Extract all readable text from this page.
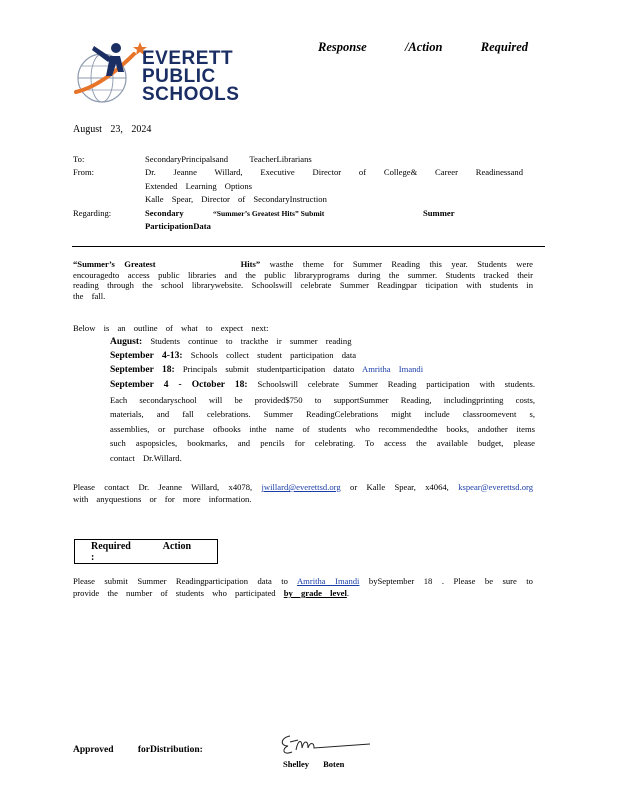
EVERETT
PUBLIC
SCHOOLS
Response	/Action	Required
August 23, 2024
To:	SecondaryPrincipalsand          TeacherLibrarians
From:	Dr. Jeanne Willard, Executive Director of College& Career Readinessand
Extended Learning Options
Kalle Spear, Director of SecondaryInstruction
Regarding:	Secondary	“Summer’s Greatest Hits” Submit	Summer
ParticipationData
“Summer’s Greatest         Hits” wasthe theme for Summer Reading this year. Students were encouragedto access public libraries and the public libraryprograms during the summer. Students tracked their reading through the school librarywebsite. Schoolswill celebrate Summer Readingpar ticipation with students in the fall.
Below is an outline of what to expect next:
August: Students continue to trackthe ir summer reading
September 4-13: Schools collect student participation data
September 18: Principals submit studentparticipation datato Amritha Imandi
September 4 - October 18: Schoolswill celebrate Summer Reading participation with students. Each secondaryschool will be provided$750 to supportSummer Reading, includingprinting costs, materials, and fall celebrations. Summer ReadingCelebrations might include classroomevent s, assemblies, or purchase ofbooks inthe name of students who recommendedthe books, andother items such aspopsicles, bookmarks, and pencils for celebrating. To access the available budget, please contact Dr.Willard.
Please contact Dr. Jeanne Willard, x4078, jwillard@everettsd.org or Kalle Spear, x4064, kspear@everettsd.org with anyquestions or for more information.
Required Action :
Please submit Summer Readingparticipation data to Amritha Imandi bySeptember 18 . Please be sure to provide the number of students who participated by grade level.
Approved forDistribution:
Shelley Boten
